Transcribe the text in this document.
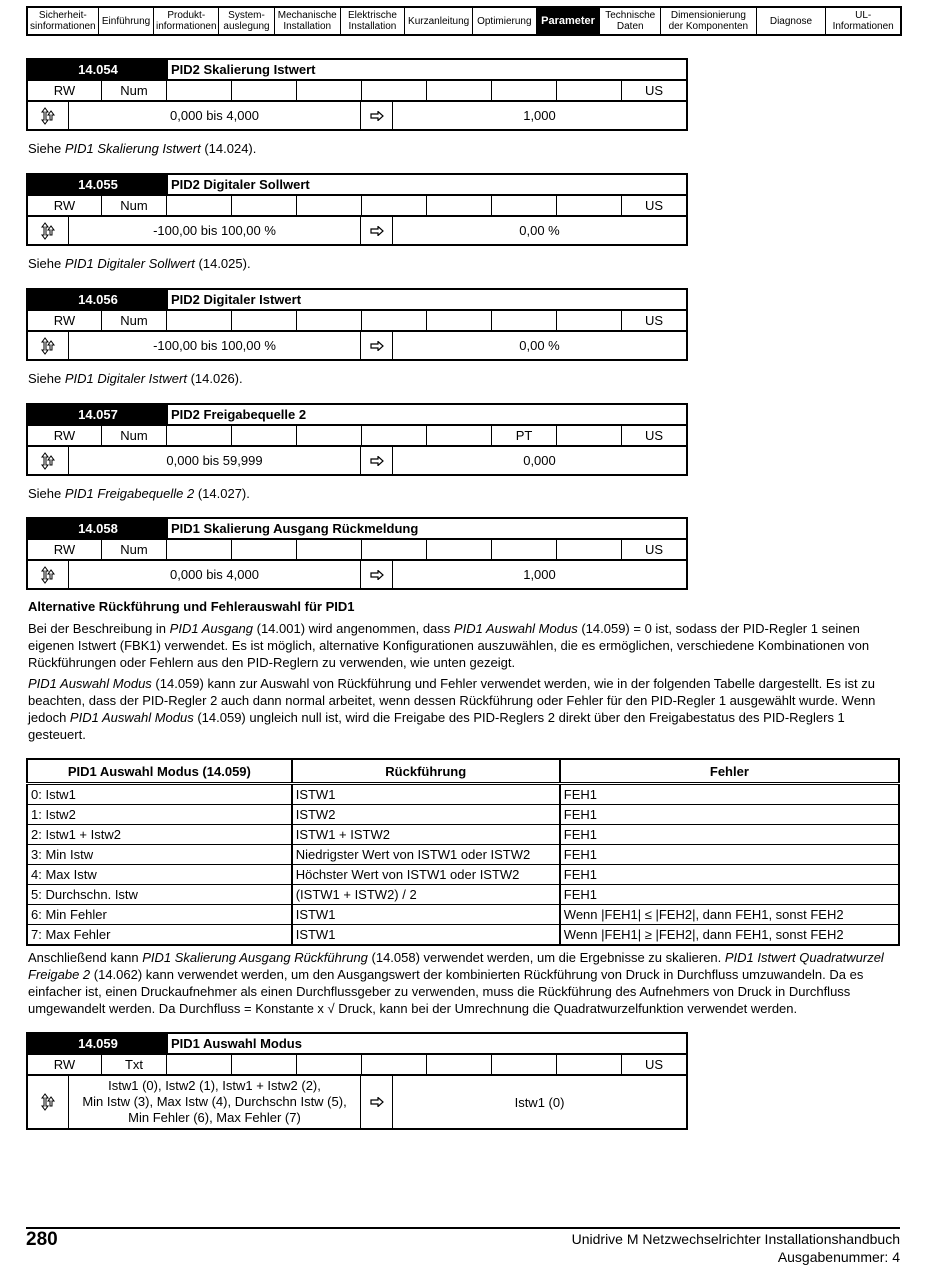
Sicherheit-
sinformationen Einführung	Produkt-
informationen
System-
auslegung
Mechanische
Installation
Elektrische
Installation	Kurzanleitung Optimierung Parameter	Technische
Daten
Dimensionierung
der Komponenten	Diagnose	UL-
Informationen
14.054	PID2 Skalierung Istwert
RW	Num	US
0,000 bis 4,000	1,000
Siehe PID1 Skalierung Istwert (14.024).
14.055	PID2 Digitaler Sollwert
RW	Num	US
-100,00 bis 100,00 %	0,00 %
Siehe PID1 Digitaler Sollwert (14.025).
14.056	PID2 Digitaler Istwert
RW	Num	US
-100,00 bis 100,00 %	0,00 %
Siehe PID1 Digitaler Istwert (14.026).
14.057	PID2 Freigabequelle 2
RW	Num	PT	US
0,000 bis 59,999	0,000
Siehe PID1 Freigabequelle 2 (14.027).
14.058	PID1 Skalierung Ausgang Rückmeldung
RW	Num	US
0,000 bis 4,000	1,000
Alternative Rückführung und Fehlerauswahl für PID1
Bei der Beschreibung in PID1 Ausgang (14.001) wird angenommen, dass PID1 Auswahl Modus (14.059) = 0 ist, sodass der PID-Regler 1 seinen eigenen Istwert (FBK1) verwendet. Es ist möglich, alternative Konfigurationen auszuwählen, die es ermöglichen, verschiedene Kombinationen von Rückführungen oder Fehlern aus den PID-Reglern zu verwenden, wie unten gezeigt.
PID1 Auswahl Modus (14.059) kann zur Auswahl von Rückführung und Fehler verwendet werden, wie in der folgenden Tabelle dargestellt. Es ist zu beachten, dass der PID-Regler 2 auch dann normal arbeitet, wenn dessen Rückführung oder Fehler für den PID-Regler 1 ausgewählt wurde. Wenn jedoch PID1 Auswahl Modus (14.059) ungleich null ist, wird die Freigabe des PID-Reglers 2 direkt über den Freigabestatus des PID-Reglers 1 gesteuert.
PID1 Auswahl Modus (14.059)	Rückführung	Fehler
0: Istw1	ISTW1	FEH1
1: Istw2	ISTW2	FEH1
2: Istw1 + Istw2	ISTW1 + ISTW2	FEH1
3: Min Istw	Niedrigster Wert von ISTW1 oder ISTW2	FEH1
4: Max Istw	Höchster Wert von ISTW1 oder ISTW2	FEH1
5: Durchschn. Istw	(ISTW1 + ISTW2) / 2	FEH1
6: Min Fehler	ISTW1	Wenn |FEH1| ≤ |FEH2|, dann FEH1, sonst FEH2
7: Max Fehler	ISTW1	Wenn |FEH1| ≥ |FEH2|, dann FEH1, sonst FEH2
Anschließend kann PID1 Skalierung Ausgang Rückführung (14.058) verwendet werden, um die Ergebnisse zu skalieren. PID1 Istwert Quadratwurzel Freigabe 2 (14.062) kann verwendet werden, um den Ausgangswert der kombinierten Rückführung von Druck in Durchfluss umzuwandeln. Da es einfacher ist, einen Druckaufnehmer als einen Durchflussgeber zu verwenden, muss die Rückführung des Aufnehmers von Druck in Durchfluss umgewandelt werden. Da Durchfluss = Konstante x √ Druck, kann bei der Umrechnung die Quadratwurzelfunktion verwendet werden.
14.059	PID1 Auswahl Modus
RW	Txt	US
Istw1 (0), Istw2 (1), Istw1 + Istw2 (2),
Min Istw (3), Max Istw (4), Durchschn Istw (5),
Min Fehler (6), Max Fehler (7)
Istw1 (0)
280	Unidrive M Netzwechselrichter Installationshandbuch
Ausgabenummer: 4
